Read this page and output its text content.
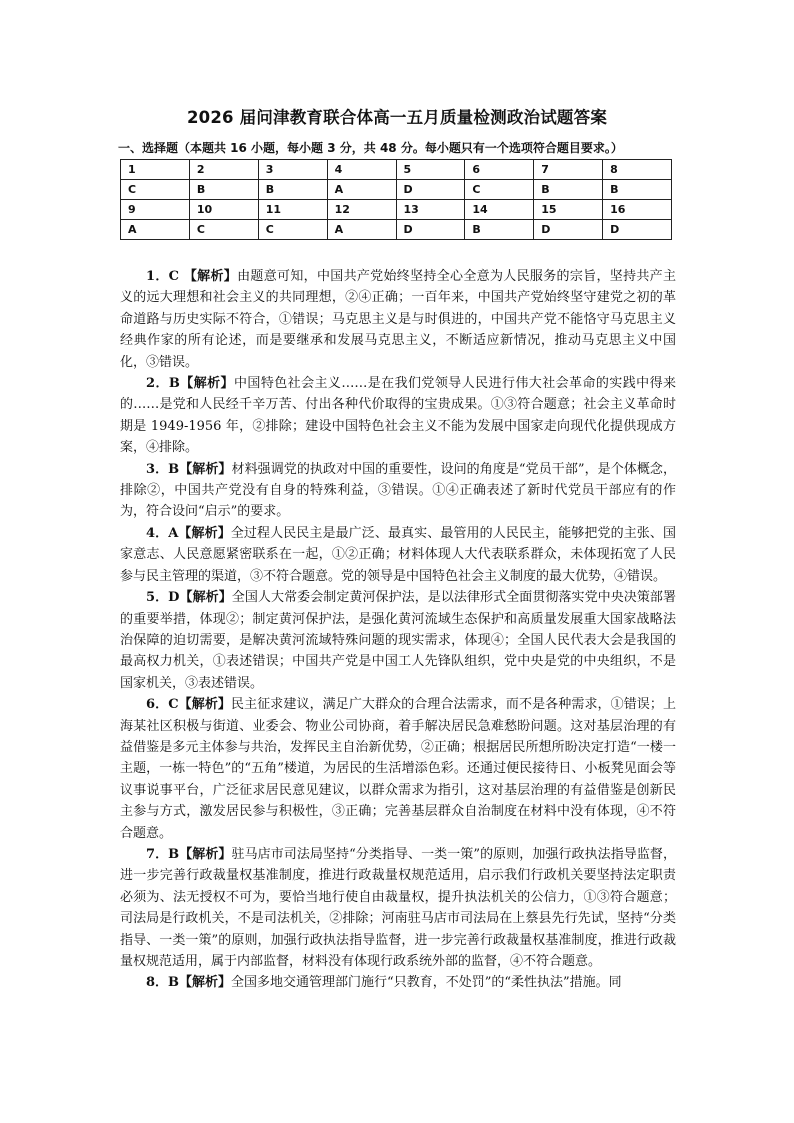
2026 届问津教育联合体高一五月质量检测政治试题答案
一、选择题（本题共 16 小题，每小题 3 分，共 48 分。每小题只有一个选项符合题目要求。）
1	2	3	4	5	6	7	8
C	B	B	A	D	C	B	B
9	10	11	12	13	14	15	16
A	C	C	A	D	B	D	D

1．C 【解析】由题意可知，中国共产党始终坚持全心全意为人民服务的宗旨，坚持共产主义的远大理想和社会主义的共同理想，②④正确；一百年来，中国共产党始终坚守建党之初的革命道路与历史实际不符合，①错误；马克思主义是与时俱进的，中国共产党不能恪守马克思主义经典作家的所有论述，而是要继承和发展马克思主义，不断适应新情况，推动马克思主义中国化，③错误。

2．B【解析】中国特色社会主义……是在我们党领导人民进行伟大社会革命的实践中得来的……是党和人民经千辛万苦、付出各种代价取得的宝贵成果。①③符合题意；社会主义革命时期是 1949-1956 年，②排除；建设中国特色社会主义不能为发展中国家走向现代化提供现成方案，④排除。

3．B【解析】材料强调党的执政对中国的重要性，设问的角度是“党员干部”，是个体概念，排除②，中国共产党没有自身的特殊利益，③错误。①④正确表述了新时代党员干部应有的作为，符合设问“启示”的要求。

4．A【解析】全过程人民民主是最广泛、最真实、最管用的人民民主，能够把党的主张、国家意志、人民意愿紧密联系在一起，①②正确；材料体现人大代表联系群众，未体现拓宽了人民参与民主管理的渠道，③不符合题意。党的领导是中国特色社会主义制度的最大优势，④错误。

5．D【解析】全国人大常委会制定黄河保护法，是以法律形式全面贯彻落实党中央决策部署的重要举措，体现②；制定黄河保护法，是强化黄河流域生态保护和高质量发展重大国家战略法治保障的迫切需要，是解决黄河流域特殊问题的现实需求，体现④；全国人民代表大会是我国的最高权力机关，①表述错误；中国共产党是中国工人先锋队组织，党中央是党的中央组织，不是国家机关，③表述错误。

6．C【解析】民主征求建议，满足广大群众的合理合法需求，而不是各种需求，①错误；上海某社区积极与街道、业委会、物业公司协商，着手解决居民急难愁盼问题。这对基层治理的有益借鉴是多元主体参与共治，发挥民主自治新优势，②正确；根据居民所想所盼决定打造“一楼一主题，一栋一特色”的“五角”楼道，为居民的生活增添色彩。还通过便民接待日、小板凳见面会等议事说事平台，广泛征求居民意见建议，以群众需求为指引，这对基层治理的有益借鉴是创新民主参与方式，激发居民参与积极性，③正确；完善基层群众自治制度在材料中没有体现，④不符合题意。

7．B【解析】驻马店市司法局坚持“分类指导、一类一策”的原则，加强行政执法指导监督，进一步完善行政裁量权基准制度，推进行政裁量权规范适用，启示我们行政机关要坚持法定职责必须为、法无授权不可为，要恰当地行使自由裁量权，提升执法机关的公信力，①③符合题意；司法局是行政机关，不是司法机关，②排除；河南驻马店市司法局在上蔡县先行先试，坚持“分类指导、一类一策”的原则，加强行政执法指导监督，进一步完善行政裁量权基准制度，推进行政裁量权规范适用，属于内部监督，材料没有体现行政系统外部的监督，④不符合题意。

8．B【解析】全国多地交通管理部门施行“只教育，不处罚”的“柔性执法”措施。同
